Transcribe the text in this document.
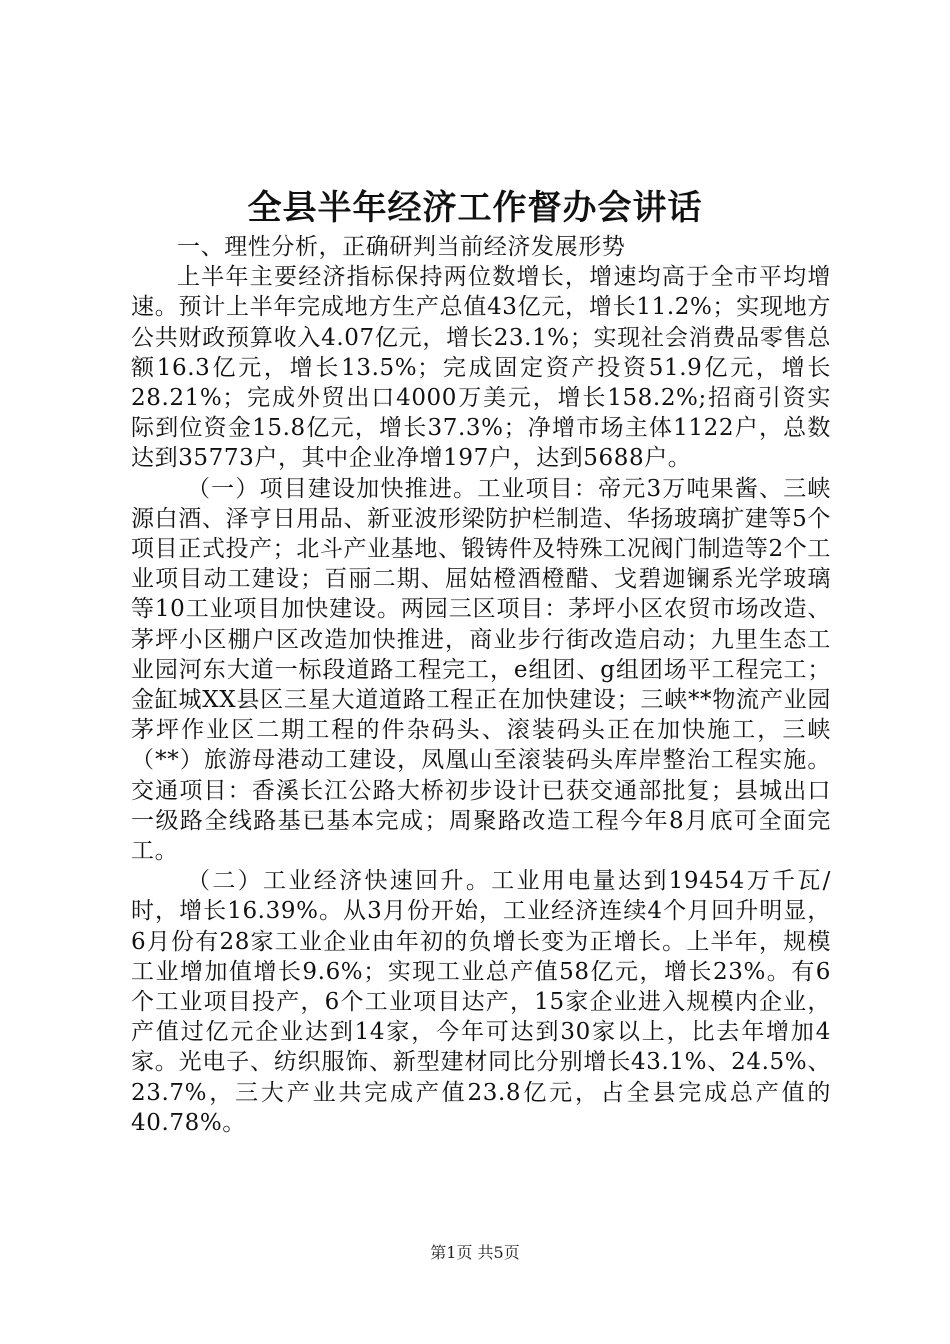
全县半年经济工作督办会讲话

一、理性分析，正确研判当前经济发展形势

上半年主要经济指标保持两位数增长，增速均高于全市平均增速。预计上半年完成地方生产总值43亿元，增长11.2%；实现地方公共财政预算收入4.07亿元，增长23.1%；实现社会消费品零售总额16.3亿元，增长13.5%；完成固定资产投资51.9亿元，增长28.21%；完成外贸出口4000万美元，增长158.2%;招商引资实际到位资金15.8亿元，增长37.3%；净增市场主体1122户，总数达到35773户，其中企业净增197户，达到5688户。

（一）项目建设加快推进。工业项目：帝元3万吨果酱、三峡源白酒、泽亨日用品、新亚波形梁防护栏制造、华扬玻璃扩建等5个项目正式投产；北斗产业基地、锻铸件及特殊工况阀门制造等2个工业项目动工建设；百丽二期、屈姑橙酒橙醋、戈碧迦镧系光学玻璃等10工业项目加快建设。两园三区项目：茅坪小区农贸市场改造、茅坪小区棚户区改造加快推进，商业步行街改造启动；九里生态工业园河东大道一标段道路工程完工，e组团、g组团场平工程完工；金缸城XX县区三星大道道路工程正在加快建设；三峡**物流产业园茅坪作业区二期工程的件杂码头、滚装码头正在加快施工，三峡（**）旅游母港动工建设，凤凰山至滚装码头库岸整治工程实施。交通项目：香溪长江公路大桥初步设计已获交通部批复；县城出口一级路全线路基已基本完成；周聚路改造工程今年8月底可全面完工。

（二）工业经济快速回升。工业用电量达到19454万千瓦/时，增长16.39%。从3月份开始，工业经济连续4个月回升明显，6月份有28家工业企业由年初的负增长变为正增长。上半年，规模工业增加值增长9.6%；实现工业总产值58亿元，增长23%。有6个工业项目投产，6个工业项目达产，15家企业进入规模内企业，产值过亿元企业达到14家，今年可达到30家以上，比去年增加4家。光电子、纺织服饰、新型建材同比分别增长43.1%、24.5%、23.7%，三大产业共完成产值23.8亿元，占全县完成总产值的40.78%。

第1页 共5页
